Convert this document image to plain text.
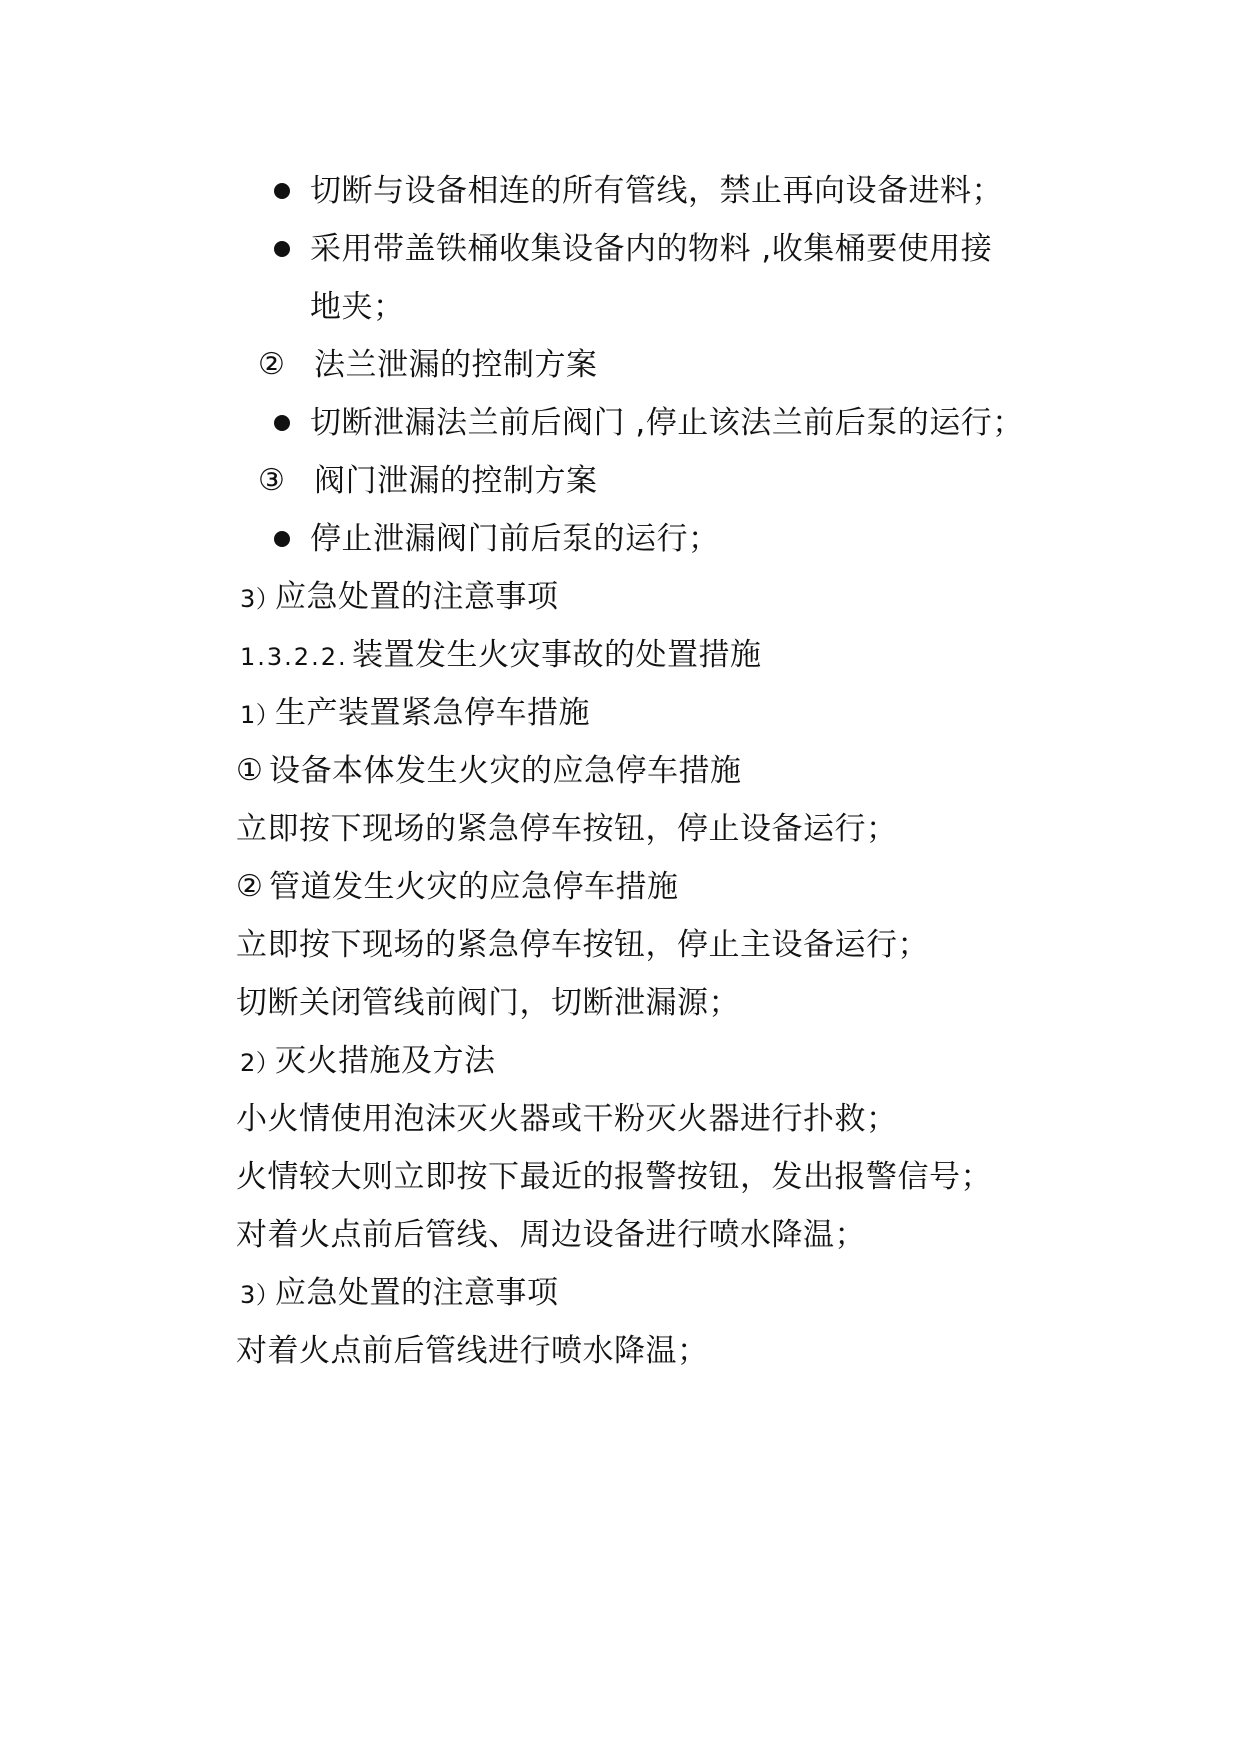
切断与设备相连的所有管线，禁止再向设备进料；
采用带盖铁桶收集设备内的物料 ,收集桶要使用接
地夹；
② 法兰泄漏的控制方案
切断泄漏法兰前后阀门 ,停止该法兰前后泵的运行；
③ 阀门泄漏的控制方案
停止泄漏阀门前后泵的运行；
3）
应急处置的注意事项
1.3.2.2. 装置发生火灾事故的处置措施
1）
生产装置紧急停车措施
① 设备本体发生火灾的应急停车措施
立即按下现场的紧急停车按钮，停止设备运行；
② 管道发生火灾的应急停车措施
立即按下现场的紧急停车按钮，停止主设备运行；
切断关闭管线前阀门，切断泄漏源；
2）
灭火措施及方法
小火情使用泡沫灭火器或干粉灭火器进行扑救；
火情较大则立即按下最近的报警按钮，发出报警信号；
对着火点前后管线、周边设备进行喷水降温；
3）
应急处置的注意事项
对着火点前后管线进行喷水降温；
